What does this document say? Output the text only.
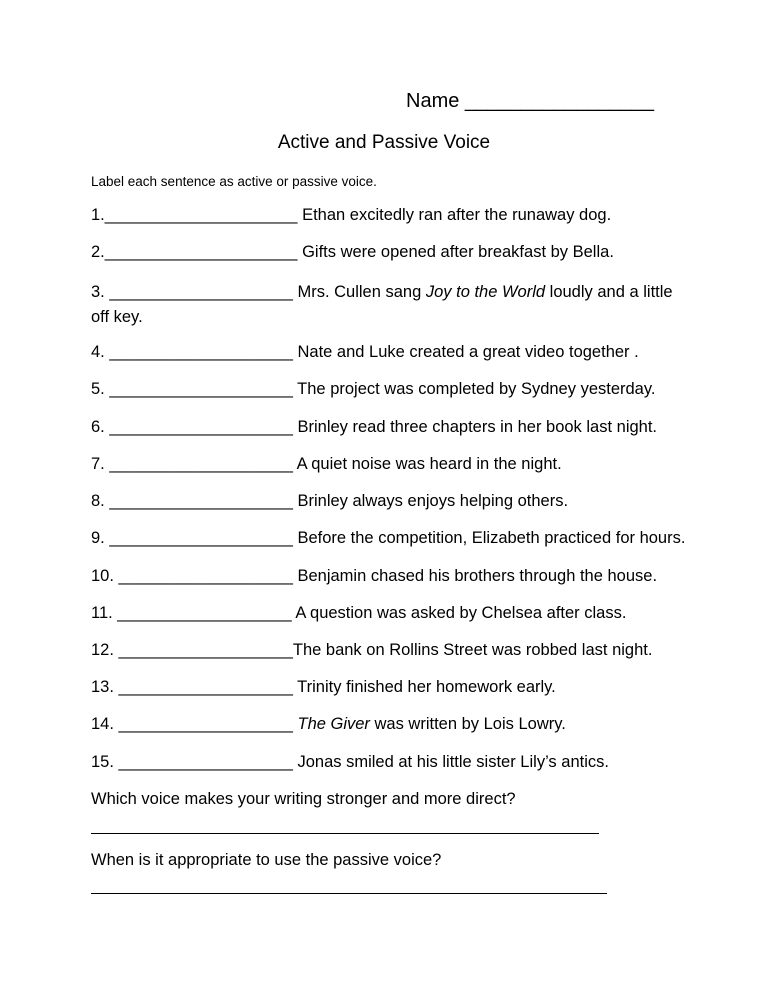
Name _________________
Active and Passive Voice
Label each sentence as active or passive voice.
1._____________________ Ethan excitedly ran after the runaway dog.
2._____________________ Gifts were opened after breakfast by Bella.
3. ____________________ Mrs. Cullen sang Joy to the World loudly and a little off key.
4. ____________________ Nate and Luke created a great video together .
5. ____________________ The project was completed by Sydney yesterday.
6. ____________________ Brinley read three chapters in her book last night.
7. ____________________ A quiet noise was heard in the night.
8. ____________________ Brinley always enjoys helping others.
9. ____________________ Before the competition, Elizabeth practiced for hours.
10. ___________________ Benjamin chased his brothers through the house.
11. ___________________ A question was asked by Chelsea after class.
12. ___________________The bank on Rollins Street was robbed last night.
13. ___________________ Trinity finished her homework early.
14. ___________________ The Giver was written by Lois Lowry.
15. ___________________ Jonas smiled at his little sister Lily’s antics.
Which voice makes your writing stronger and more direct?
When is it appropriate to use the passive voice?
